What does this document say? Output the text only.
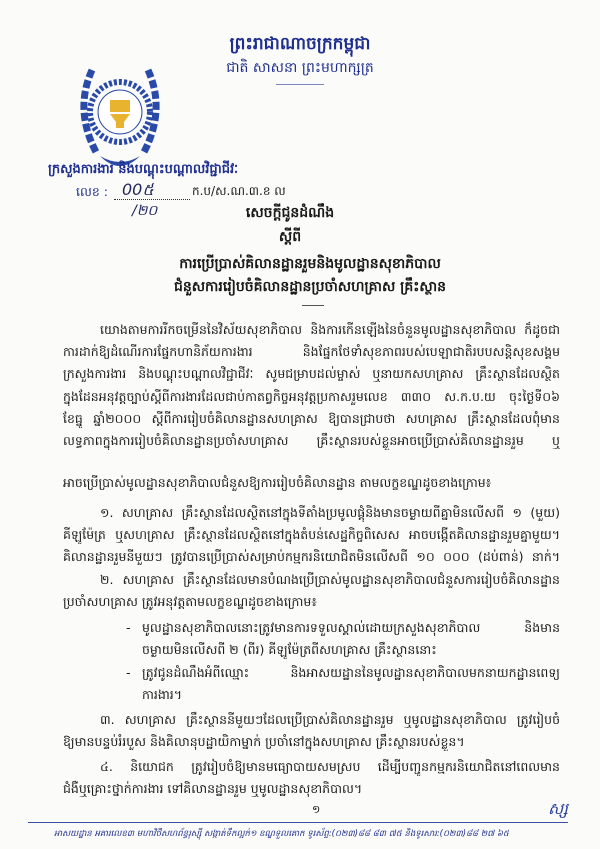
ព្រះរាជាណាចក្រកម្ពុជា
ជាតិ សាសនា ព្រះមហាក្សត្រ
ក្រសួងការងារ និងបណ្តុះបណ្តាលវិជ្ជាជីវៈ
លេខ : 00៥
/២០
ក.ប/ស.ណ.៣.ខ ល
សេចក្តីជូនដំណឹង
ស្តីពី
ការប្រើប្រាស់គិលានដ្ឋានរួមនិងមូលដ្ឋានសុខាភិបាល
ជំនួសការរៀបចំគិលានដ្ឋានប្រចាំសហគ្រាស គ្រឹះស្ថាន
យោងតាមការរីកចម្រើននៃវិស័យសុខាភិបាល និងការកើនឡើងនៃចំនួនមូលដ្ឋានសុខាភិបាល ក៏ដូចជា
ការដាក់ឱ្យដំណើរការផ្នែកហានិភ័យការងារ និងផ្នែកថែទាំសុខភាពរបស់បេឡាជាតិរបបសន្តិសុខសង្គម
ក្រសួងការងារ និងបណ្តុះបណ្តាលវិជ្ជាជីវៈ សូមជម្រាបដល់ម្ចាស់ ឬនាយកសហគ្រាស គ្រឹះស្ថានដែលស្ថិត
ក្នុងដែនអនុវត្តច្បាប់ស្តីពីការងារដែលជាប់កាតព្វកិច្ចអនុវត្តប្រកាសរួមលេខ ៣៣០ ស.ក.ប.យ ចុះថ្ងៃទី០៦
ខែធ្នូ ឆ្នាំ២០០០ ស្តីពីការរៀបចំគិលានដ្ឋានសហគ្រាស ឱ្យបានជ្រាបថា សហគ្រាស គ្រឹះស្ថានដែលពុំមាន
លទ្ធភាពក្នុងការរៀបចំគិលានដ្ឋានប្រចាំសហគ្រាស គ្រឹះស្ថានរបស់ខ្លួនអាចប្រើប្រាស់គិលានដ្ឋានរួម ឬ
អាចប្រើប្រាស់មូលដ្ឋានសុខាភិបាលជំនួសឱ្យការរៀបចំគិលានដ្ឋាន តាមលក្ខខណ្ឌដូចខាងក្រោម៖
១. សហគ្រាស គ្រឹះស្ថានដែលស្ថិតនៅក្នុងទីតាំងប្រមូលផ្តុំនិងមានចម្ងាយពីគ្នាមិនលើសពី ១ (មួយ)
គីឡូម៉ែត្រ ឬសហគ្រាស គ្រឹះស្ថានដែលស្ថិតនៅក្នុងតំបន់សេដ្ឋកិច្ចពិសេស អាចបង្កើតគិលានដ្ឋានរួមគ្នាមួយ។
គិលានដ្ឋានរួមនីមួយៗ ត្រូវបានប្រើប្រាស់សម្រាប់កម្មករនិយោជិតមិនលើសពី ១០ ០០០ (ដប់ពាន់) នាក់។
២. សហគ្រាស គ្រឹះស្ថានដែលមានបំណងប្រើប្រាស់មូលដ្ឋានសុខាភិបាលជំនួសការរៀបចំគិលានដ្ឋាន
ប្រចាំសហគ្រាស ត្រូវអនុវត្តតាមលក្ខខណ្ឌដូចខាងក្រោម៖
- មូលដ្ឋានសុខាភិបាលនោះត្រូវមានការទទួលស្គាល់ដោយក្រសួងសុខាភិបាល និងមាន
ចម្ងាយមិនលើសពី ២ (ពីរ) គីឡូម៉ែត្រពីសហគ្រាស គ្រឹះស្ថាននោះ
- ត្រូវជូនដំណឹងអំពីឈ្មោះ និងអាសយដ្ឋាននៃមូលដ្ឋានសុខាភិបាលមកនាយកដ្ឋានពេទ្យ
ការងារ។
៣. សហគ្រាស គ្រឹះស្ថាននីមួយៗដែលប្រើប្រាស់គិលានដ្ឋានរួម ឬមូលដ្ឋានសុខាភិបាល ត្រូវរៀបចំ
ឱ្យមានបន្ទប់រំរបួស និងគិលានុបដ្ឋាយិកាម្នាក់ ប្រចាំនៅក្នុងសហគ្រាស គ្រឹះស្ថានរបស់ខ្លួន។
៤. និយោជក ត្រូវរៀបចំឱ្យមានមធ្យោបាយសមស្រប ដើម្បីបញ្ជូនកម្មករនិយោជិតនៅពេលមាន
ជំងឺឬគ្រោះថ្នាក់ការងារ ទៅគិលានដ្ឋានរួម ឬមូលដ្ឋានសុខាភិបាល។
១	ស្ស
អាសយដ្ឋាន អគារលេខ៣ មហាវិថីសហព័ន្ធរុស្ស៊ី សង្កាត់ទឹកល្អក់១ ខណ្ឌទួលគោក ទូរស័ព្ទ:(០២៣)៨៨ ៨៣ ៧៥ និងទូរសារ:(០២៣)៨៨ ២៧ ៦៥
